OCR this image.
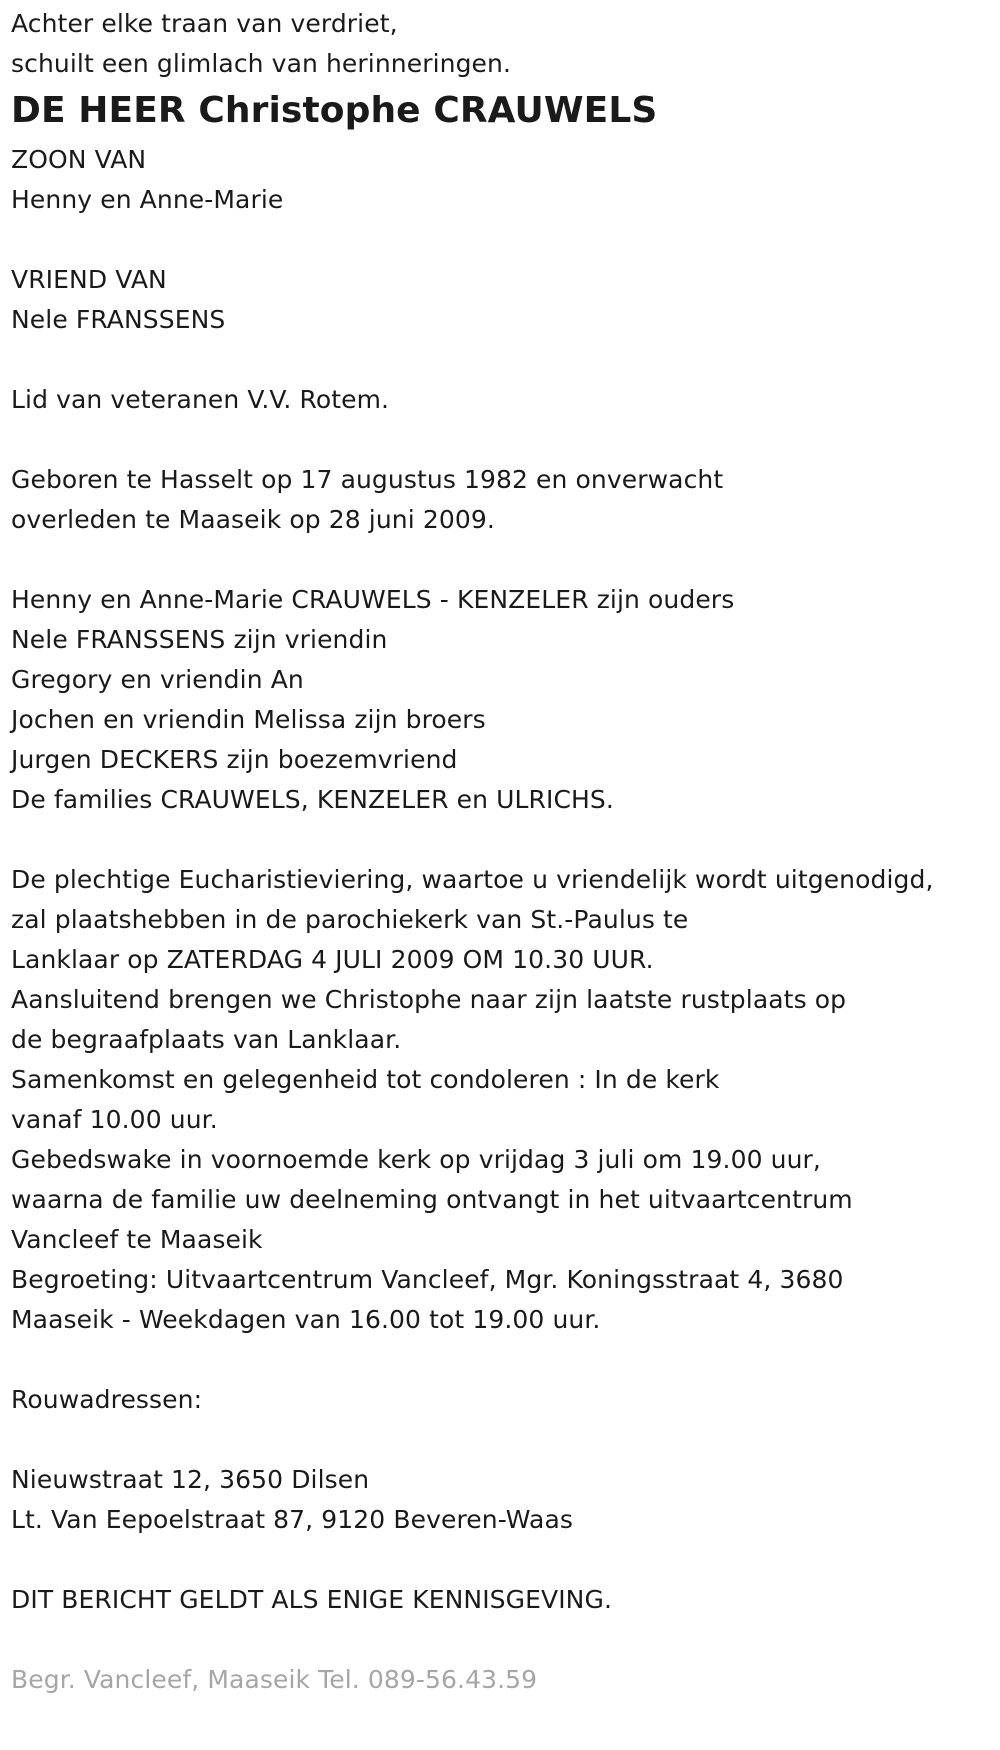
Achter elke traan van verdriet,
schuilt een glimlach van herinneringen.
DE HEER Christophe CRAUWELS
ZOON VAN
Henny en Anne-Marie
VRIEND VAN
Nele FRANSSENS
Lid van veteranen V.V. Rotem.
Geboren te Hasselt op 17 augustus 1982 en onverwacht
overleden te Maaseik op 28 juni 2009.
Henny en Anne-Marie CRAUWELS - KENZELER zijn ouders
Nele FRANSSENS zijn vriendin
Gregory en vriendin An
Jochen en vriendin Melissa zijn broers
Jurgen DECKERS zijn boezemvriend
De families CRAUWELS, KENZELER en ULRICHS.
De plechtige Eucharistieviering, waartoe u vriendelijk wordt uitgenodigd,
zal plaatshebben in de parochiekerk van St.-Paulus te
Lanklaar op ZATERDAG 4 JULI 2009 OM 10.30 UUR.
Aansluitend brengen we Christophe naar zijn laatste rustplaats op
de begraafplaats van Lanklaar.
Samenkomst en gelegenheid tot condoleren : In de kerk
vanaf 10.00 uur.
Gebedswake in voornoemde kerk op vrijdag 3 juli om 19.00 uur,
waarna de familie uw deelneming ontvangt in het uitvaartcentrum
Vancleef te Maaseik
Begroeting: Uitvaartcentrum Vancleef, Mgr. Koningsstraat 4, 3680
Maaseik - Weekdagen van 16.00 tot 19.00 uur.
Rouwadressen:
Nieuwstraat 12, 3650 Dilsen
Lt. Van Eepoelstraat 87, 9120 Beveren-Waas
DIT BERICHT GELDT ALS ENIGE KENNISGEVING.
Begr. Vancleef, Maaseik Tel. 089-56.43.59
